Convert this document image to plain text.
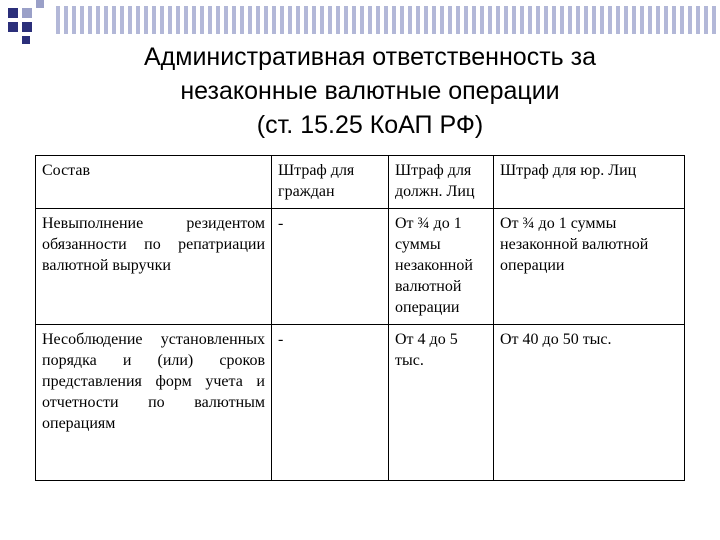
Административная ответственность за
незаконные валютные операции
(ст. 15.25 КоАП РФ)
Состав	Штраф для граждан	Штраф для должн. Лиц	Штраф для юр. Лиц
Невыполнение резидентом обязанности по репатриации валютной выручки	-	От ¾ до 1 суммы незаконной валютной операции	От ¾ до 1 суммы незаконной валютной операции
Несоблюдение установленных порядка и (или) сроков представления форм учета и отчетности по валютным операциям	-	От 4 до 5 тыс.	От 40 до 50 тыс.
